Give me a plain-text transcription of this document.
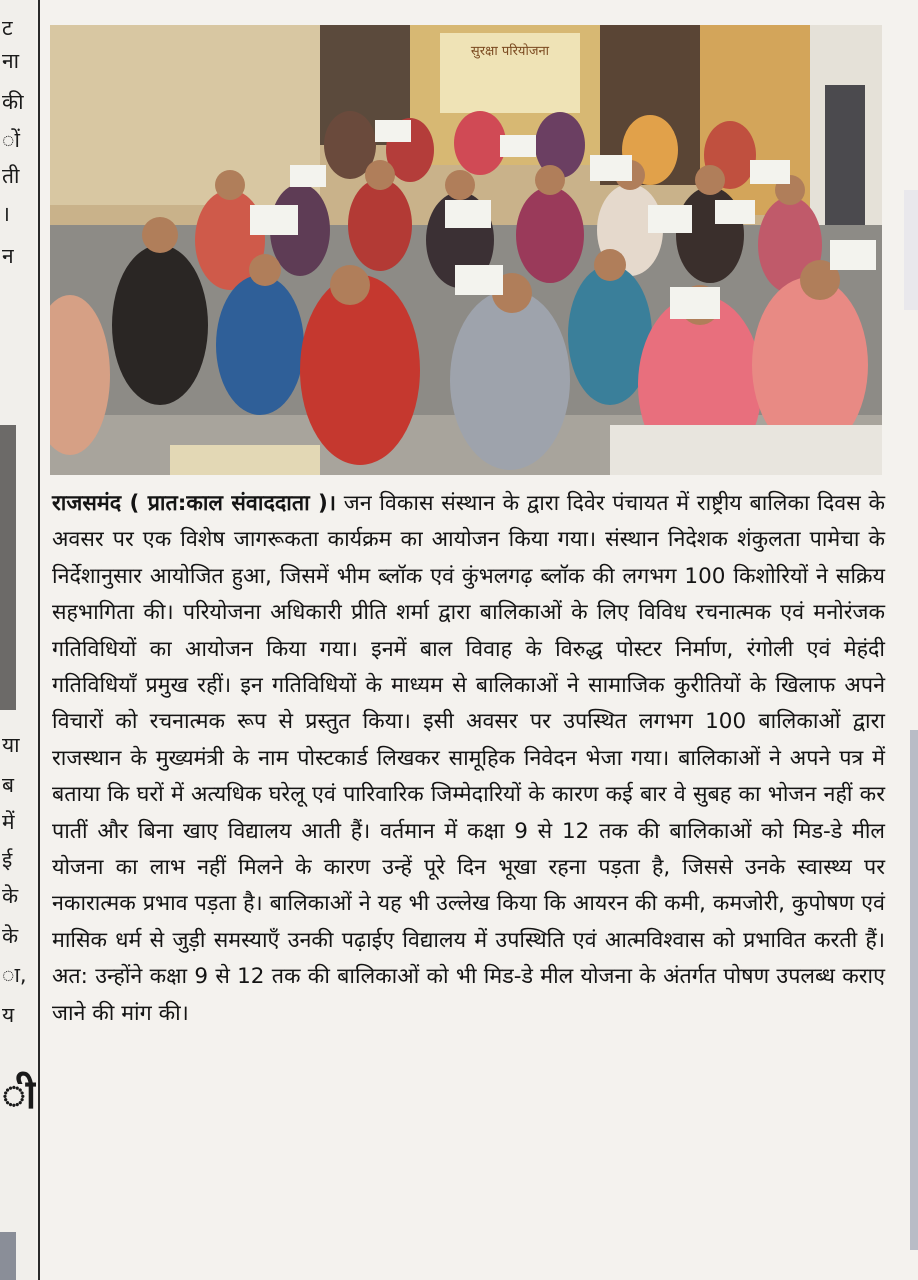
ट
ना
की
ों
ती
।
न
या
ब
में
ई
के
के
ा,
य
ी
सुरक्षा परियोजना
राजसमंद ( प्रात:काल संवाददाता )। जन विकास संस्थान के द्वारा दिवेर पंचायत में राष्ट्रीय बालिका दिवस के अवसर पर एक विशेष जागरूकता कार्यक्रम का आयोजन किया गया। संस्थान निदेशक शंकुलता पामेचा के निर्देशानुसार आयोजित हुआ, जिसमें भीम ब्लॉक एवं कुंभलगढ़ ब्लॉक की लगभग 100 किशोरियों ने सक्रिय सहभागिता की। परियोजना अधिकारी प्रीति शर्मा द्वारा बालिकाओं के लिए विविध रचनात्मक एवं मनोरंजक गतिविधियों का आयोजन किया गया। इनमें बाल विवाह के विरुद्ध पोस्टर निर्माण, रंगोली एवं मेहंदी गतिविधियाँ प्रमुख रहीं। इन गतिविधियों के माध्यम से बालिकाओं ने सामाजिक कुरीतियों के खिलाफ अपने विचारों को रचनात्मक रूप से प्रस्तुत किया। इसी अवसर पर उपस्थित लगभग 100 बालिकाओं द्वारा राजस्थान के मुख्यमंत्री के नाम पोस्टकार्ड लिखकर सामूहिक निवेदन भेजा गया। बालिकाओं ने अपने पत्र में बताया कि घरों में अत्यधिक घरेलू एवं पारिवारिक जिम्मेदारियों के कारण कई बार वे सुबह का भोजन नहीं कर पातीं और बिना खाए विद्यालय आती हैं। वर्तमान में कक्षा 9 से 12 तक की बालिकाओं को मिड-डे मील योजना का लाभ नहीं मिलने के कारण उन्हें पूरे दिन भूखा रहना पड़ता है, जिससे उनके स्वास्थ्य पर नकारात्मक प्रभाव पड़ता है। बालिकाओं ने यह भी उल्लेख किया कि आयरन की कमी, कमजोरी, कुपोषण एवं मासिक धर्म से जुड़ी समस्याएँ उनकी पढ़ाईए विद्यालय में उपस्थिति एवं आत्मविश्वास को प्रभावित करती हैं। अत: उन्होंने कक्षा 9 से 12 तक की बालिकाओं को भी मिड-डे मील योजना के अंतर्गत पोषण उपलब्ध कराए जाने की मांग की।
